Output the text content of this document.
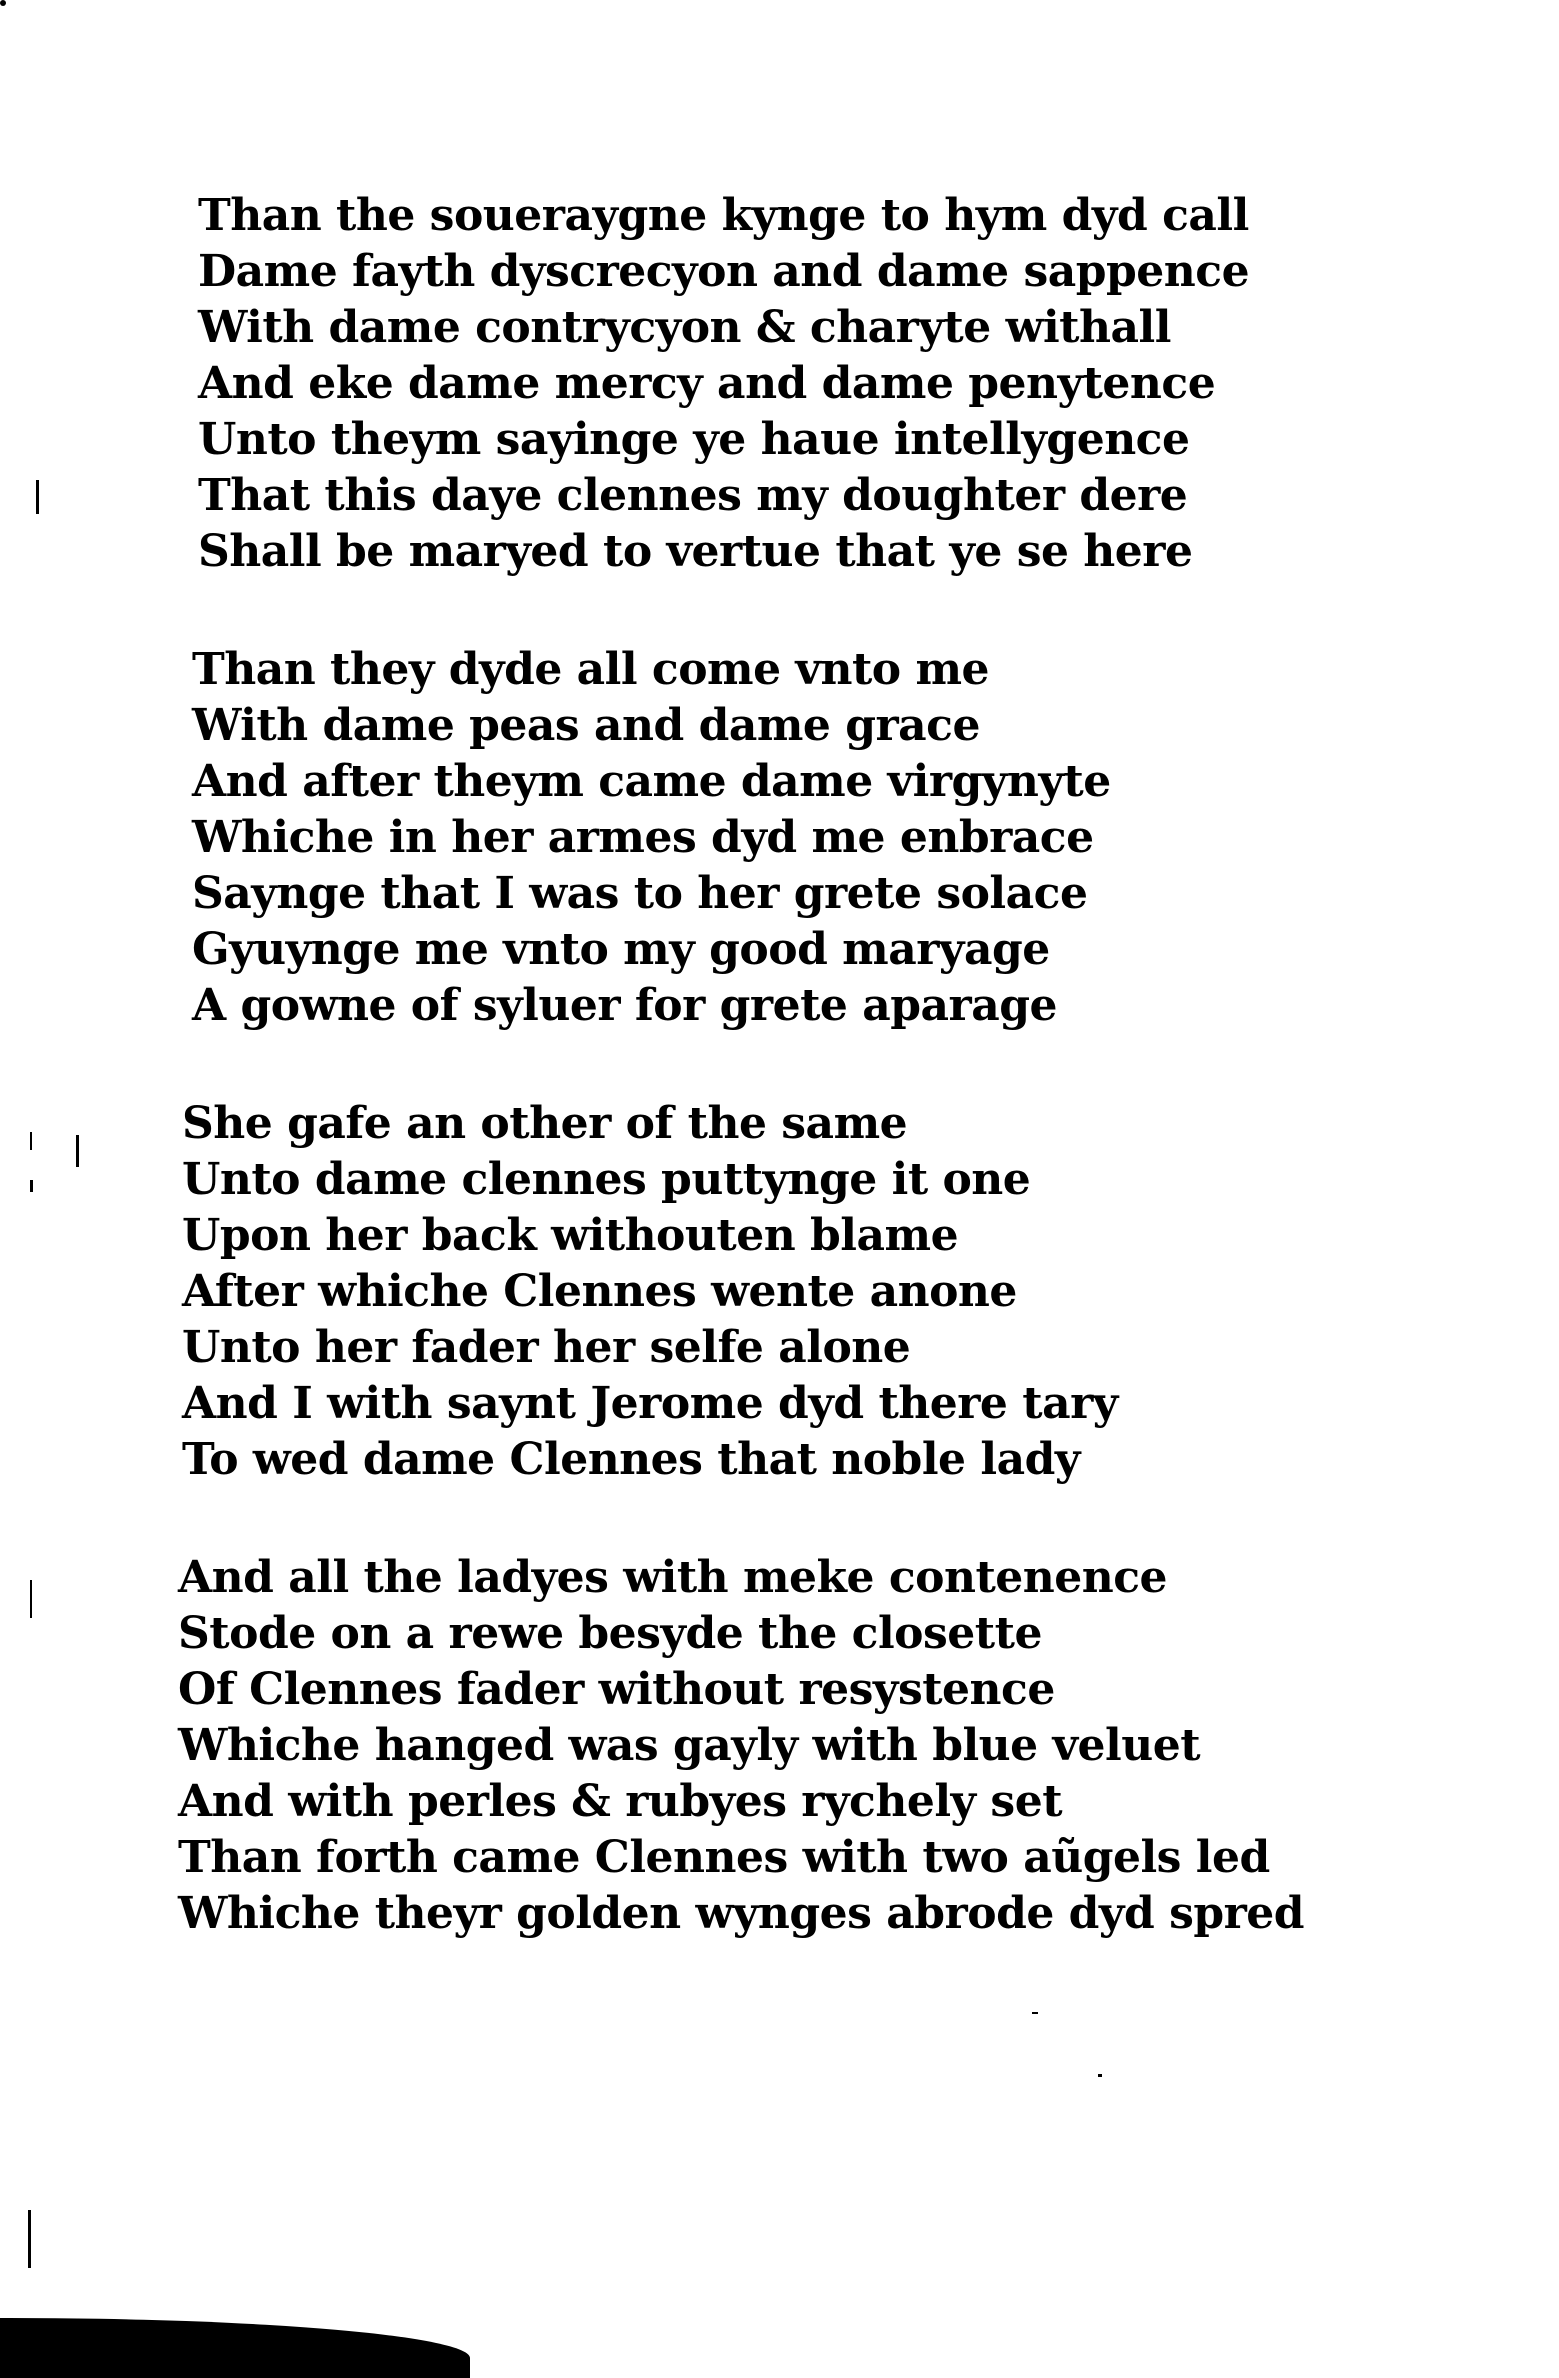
Than the soueraygne kynge to hym dyd call
Dame fayth dyscrecyon and dame sappence
With dame contrycyon & charyte withall
And eke dame mercy and dame penytence
Unto theym sayinge ye haue intellygence
That this daye clennes my doughter dere
Shall be maryed to vertue that ye se here
Than they dyde all come vnto me
With dame peas and dame grace
And after theym came dame virgynyte
Whiche in her armes dyd me enbrace
Saynge that I was to her grete solace
Gyuynge me vnto my good maryage
A gowne of syluer for grete aparage
She gafe an other of the same
Unto dame clennes puttynge it one
Upon her back withouten blame
After whiche Clennes wente anone
Unto her fader her selfe alone
And I with saynt Jerome dyd there tary
To wed dame Clennes that noble lady
And all the ladyes with meke contenence
Stode on a rewe besyde the closette
Of Clennes fader without resystence
Whiche hanged was gayly with blue veluet
And with perles & rubyes rychely set
Than forth came Clennes with two aũgels led
Whiche theyr golden wynges abrode dyd spred
